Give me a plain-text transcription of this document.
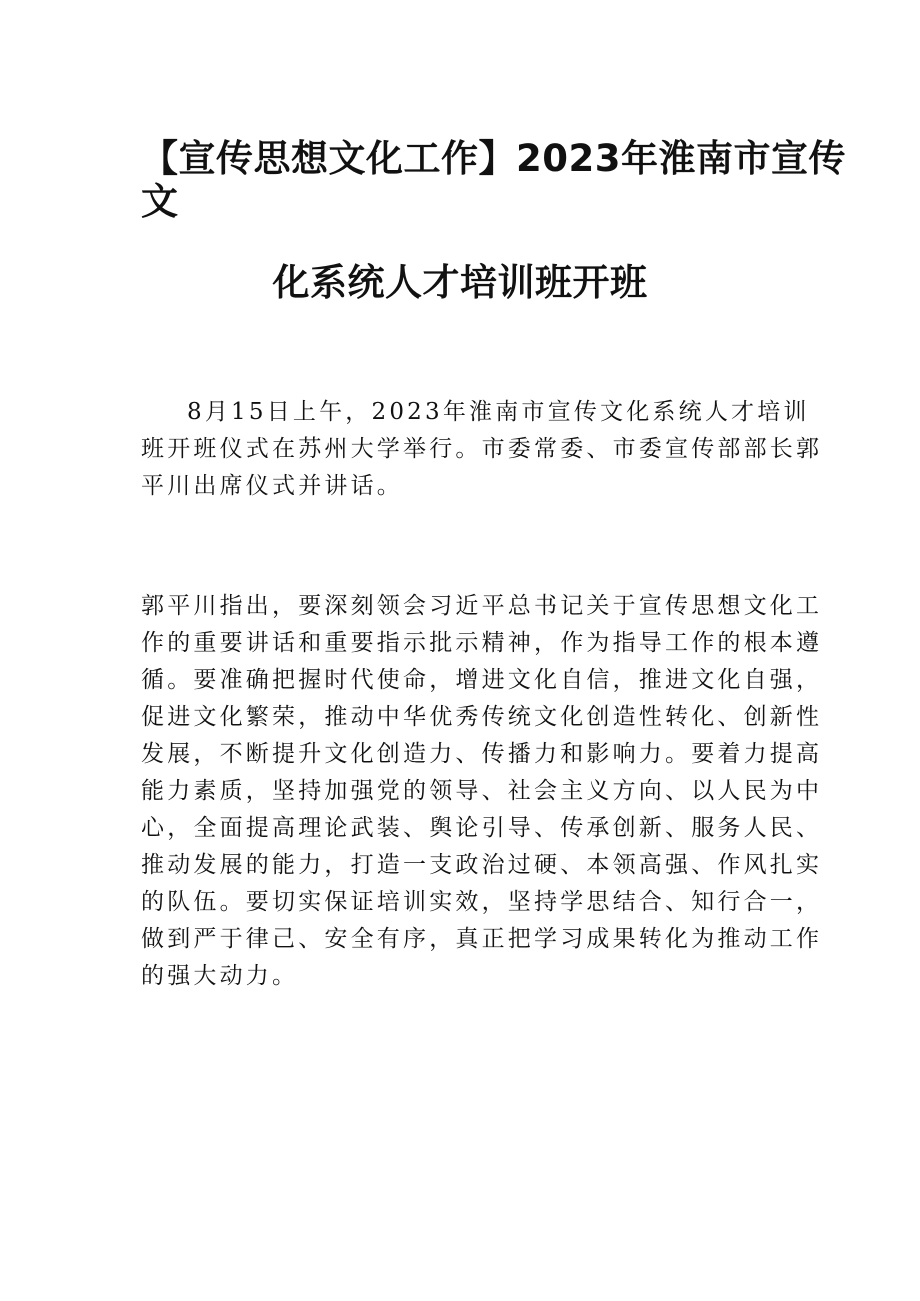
【宣传思想文化工作】2023年淮南市宣传
文
化系统人才培训班开班

8月15日上午，2023年淮南市宣传文化系统人才培训
班开班仪式在苏州大学举行。市委常委、市委宣传部部长郭
平川出席仪式并讲话。

郭平川指出，要深刻领会习近平总书记关于宣传思想文化工
作的重要讲话和重要指示批示精神，作为指导工作的根本遵
循。要准确把握时代使命，增进文化自信，推进文化自强，
促进文化繁荣，推动中华优秀传统文化创造性转化、创新性
发展，不断提升文化创造力、传播力和影响力。要着力提高
能力素质，坚持加强党的领导、社会主义方向、以人民为中
心，全面提高理论武装、舆论引导、传承创新、服务人民、
推动发展的能力，打造一支政治过硬、本领高强、作风扎实
的队伍。要切实保证培训实效，坚持学思结合、知行合一，
做到严于律己、安全有序，真正把学习成果转化为推动工作
的强大动力。
